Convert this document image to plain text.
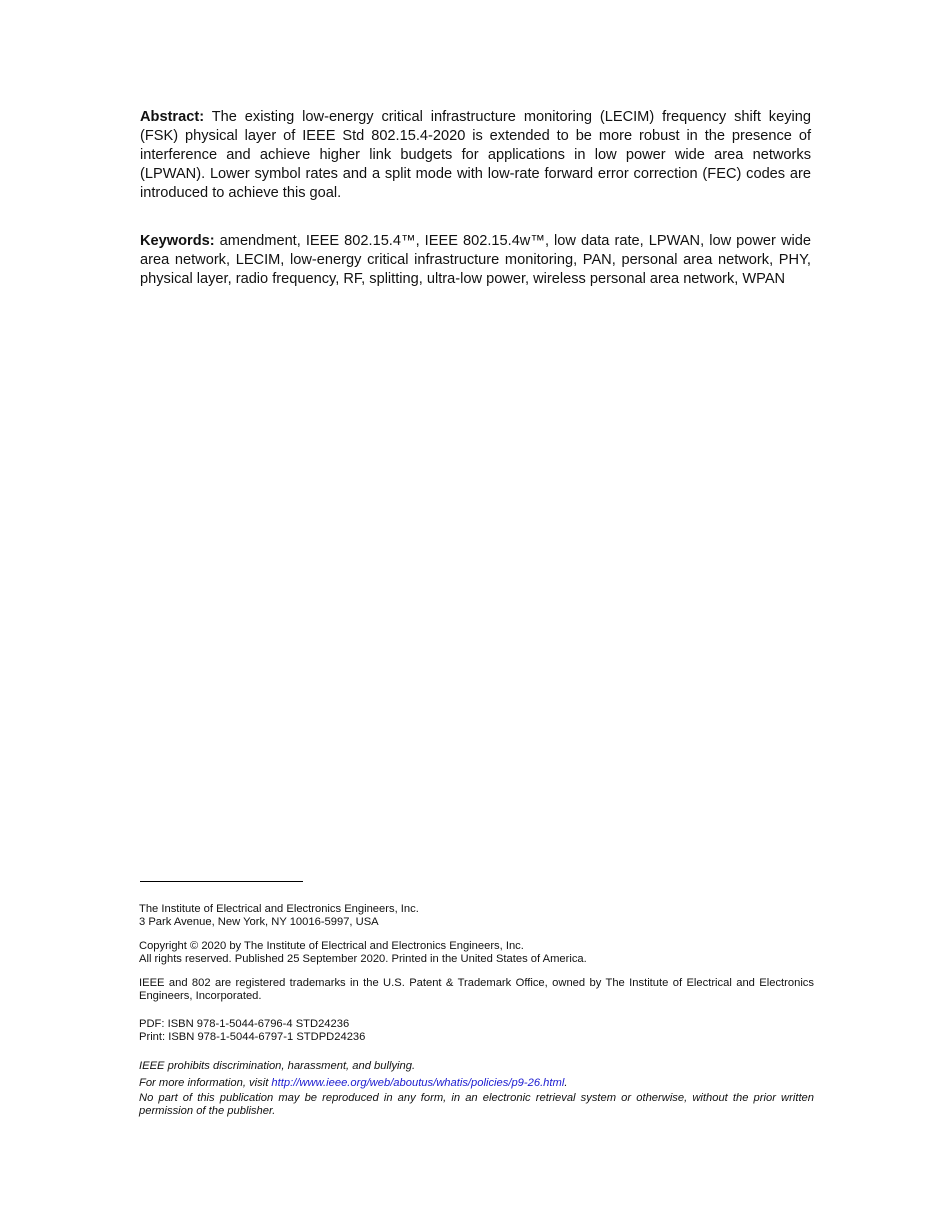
Abstract: The existing low-energy critical infrastructure monitoring (LECIM) frequency shift keying (FSK) physical layer of IEEE Std 802.15.4-2020 is extended to be more robust in the presence of interference and achieve higher link budgets for applications in low power wide area networks (LPWAN). Lower symbol rates and a split mode with low-rate forward error correction (FEC) codes are introduced to achieve this goal.

Keywords: amendment, IEEE 802.15.4™, IEEE 802.15.4w™, low data rate, LPWAN, low power wide area network, LECIM, low-energy critical infrastructure monitoring, PAN, personal area network, PHY, physical layer, radio frequency, RF, splitting, ultra-low power, wireless personal area network, WPAN

The Institute of Electrical and Electronics Engineers, Inc.
3 Park Avenue, New York, NY 10016-5997, USA

Copyright © 2020 by The Institute of Electrical and Electronics Engineers, Inc.
All rights reserved. Published 25 September 2020. Printed in the United States of America.

IEEE and 802 are registered trademarks in the U.S. Patent & Trademark Office, owned by The Institute of Electrical and Electronics Engineers, Incorporated.

PDF: ISBN 978-1-5044-6796-4 STD24236
Print: ISBN 978-1-5044-6797-1 STDPD24236

IEEE prohibits discrimination, harassment, and bullying.

For more information, visit http://www.ieee.org/web/aboutus/whatis/policies/p9-26.html.

No part of this publication may be reproduced in any form, in an electronic retrieval system or otherwise, without the prior written permission of the publisher.
